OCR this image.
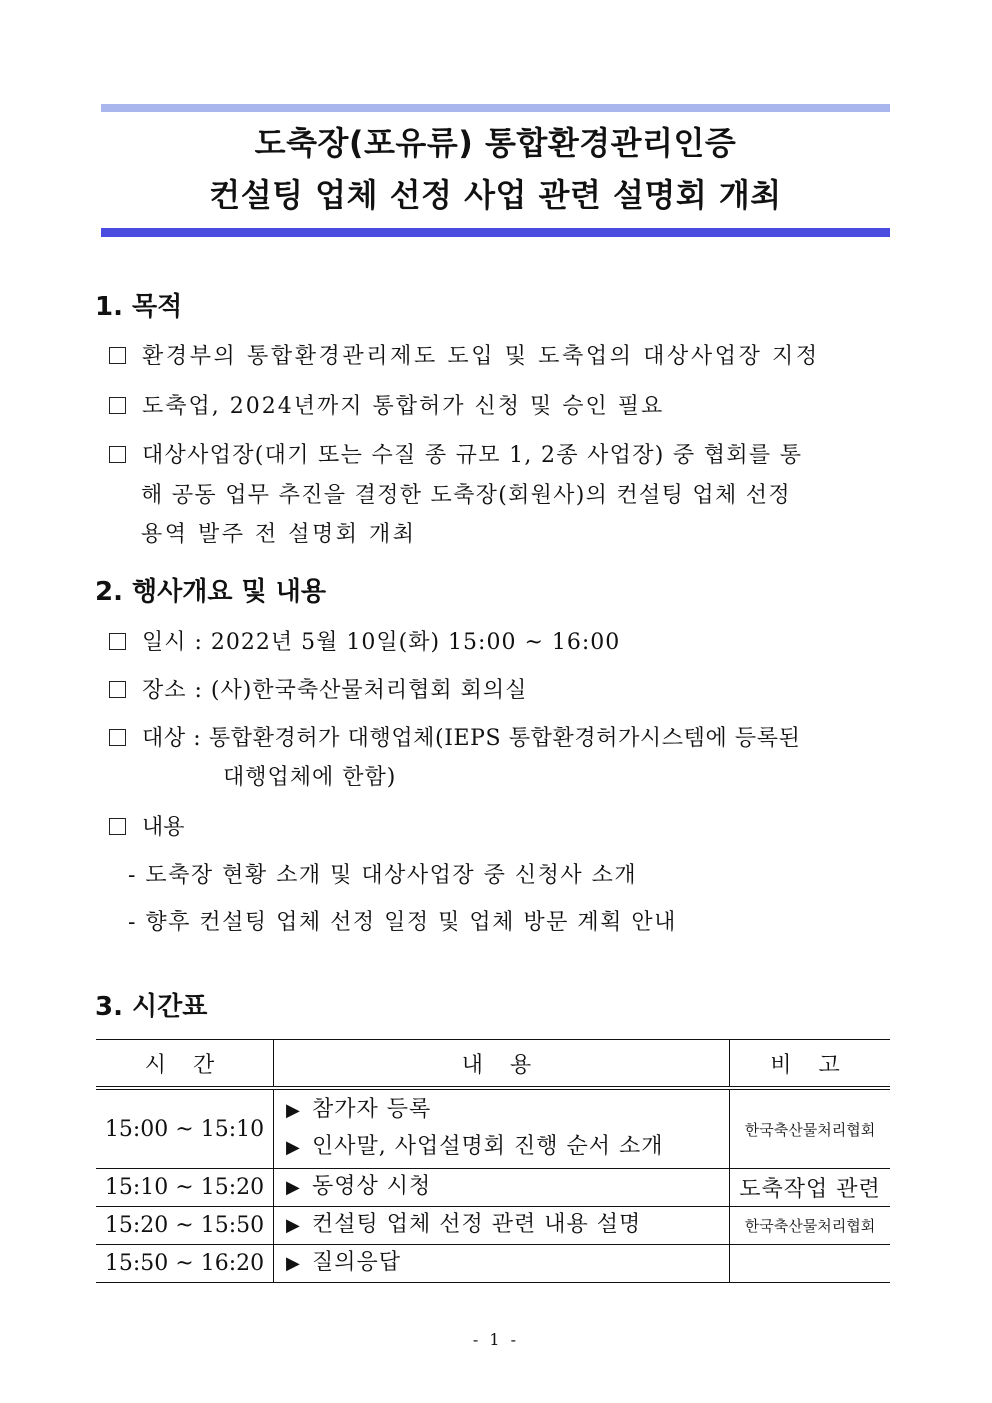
도축장(포유류) 통합환경관리인증
컨설팅 업체 선정 사업 관련 설명회 개최
1. 목적
환경부의 통합환경관리제도 도입 및 도축업의 대상사업장 지정
도축업, 2024년까지 통합허가 신청 및 승인 필요
대상사업장(대기 또는 수질 종 규모 1, 2종 사업장) 중 협회를 통
해 공동 업무 추진을 결정한 도축장(회원사)의 컨설팅 업체 선정
용역 발주 전 설명회 개최
2. 행사개요 및 내용
일시 : 2022년 5월 10일(화) 15:00 ~ 16:00
장소 : (사)한국축산물처리협회 회의실
대상 : 통합환경허가 대행업체(IEPS 통합환경허가시스템에 등록된
대행업체에 한함)
내용
- 도축장 현황 소개 및 대상사업장 중 신청사 소개
- 향후 컨설팅 업체 선정 일정 및 업체 방문 계획 안내
3. 시간표
시 간	내 용	비 고
15:00 ~ 15:10	▶ 참가자 등록
▶ 인사말, 사업설명회 진행 순서 소개	한국축산물처리협회
15:10 ~ 15:20	▶ 동영상 시청	도축작업 관련
15:20 ~ 15:50	▶ 컨설팅 업체 선정 관련 내용 설명	한국축산물처리협회
15:50 ~ 16:20	▶ 질의응답	

- 1 -
